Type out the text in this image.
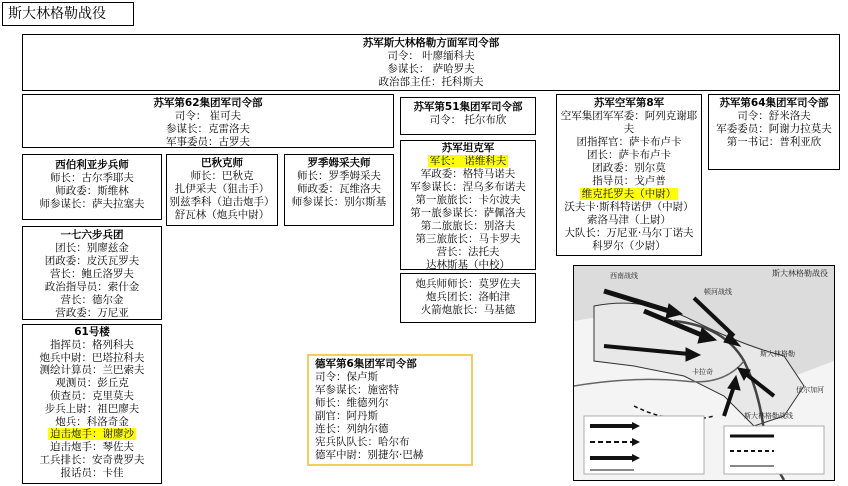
斯大林格勒战役
苏军斯大林格勒方面军司令部
司令： 叶廖缅科夫
参谋长： 萨哈罗夫
政治部主任：托科斯夫
苏军第62集团军司令部
司令： 崔可夫
参谋长：克雷洛夫
军事委员：古罗夫
苏军第51集团军司令部
司令： 托尔布欣
苏军空军第8军
空军集团军军委：阿列克谢耶夫
团指挥官：萨卡布卢卡
团长：萨卡布卢卡
团政委：别尔莫
指导员：戈卢普
维克托罗夫（中尉）
沃夫卡·斯科特诺伊（中尉）
索洛马津（上尉）
大队长：万尼亚·马尔丁诺夫
科罗尔（少尉）
苏军第64集团军司令部
司令：舒米洛夫
军委委员：阿谢力拉莫夫
第一书记：普利亚欣
西伯利亚步兵师
师长：古尔季耶夫
师政委：斯维林
师参谋长：萨夫拉塞夫
巴秋克师
师长：巴秋克
扎伊采夫（狙击手）
别兹季科（迫击炮手）
舒瓦林（炮兵中尉）
罗季姆采夫师
师长：罗季姆采夫
师政委：瓦维洛夫
师参谋长：别尔斯基
苏军坦克军
军长： 诺维科夫
军政委：格特马诺夫
军参谋长：涅乌多布诺夫
第一旅旅长：卡尔波夫
第一旅参谋长：萨佩洛夫
第二旅旅长：别洛夫
第三旅旅长：马卡罗夫
营长：法托夫
达林斯基（中校）
炮兵师师长：莫罗佐夫
炮兵团长：洛帕津
火箭炮旅长：马基德
一七六步兵团
团长：别廖兹金
团政委：皮沃瓦罗夫
营长：鲍丘洛罗夫
政治指导员：索什金
营长：德尔金
营政委：万尼亚
61号楼
指挥员：格列科夫
炮兵中尉：巴塔拉科夫
测绘计算员：兰巴索夫
观测员：彭丘克
侦查员：克里莫夫
步兵上尉：祖巴廖夫
炮兵：科洛奇金
迫击炮手：谢廖沙
迫击炮手：琴佐夫
工兵排长：安奇费罗夫
报话员：卡佳
德军第6集团军司令部
司令：保卢斯
军参谋长：施密特
师长：维德列尔
副官：阿丹斯
连长：列纳尔德
宪兵队队长：哈尔布
德军中尉：别捷尔·巴赫
斯大林格勒战役
西南战线
顿河战线
斯大林格勒
卡拉奇
伏尔加河
斯大林格勒战线
